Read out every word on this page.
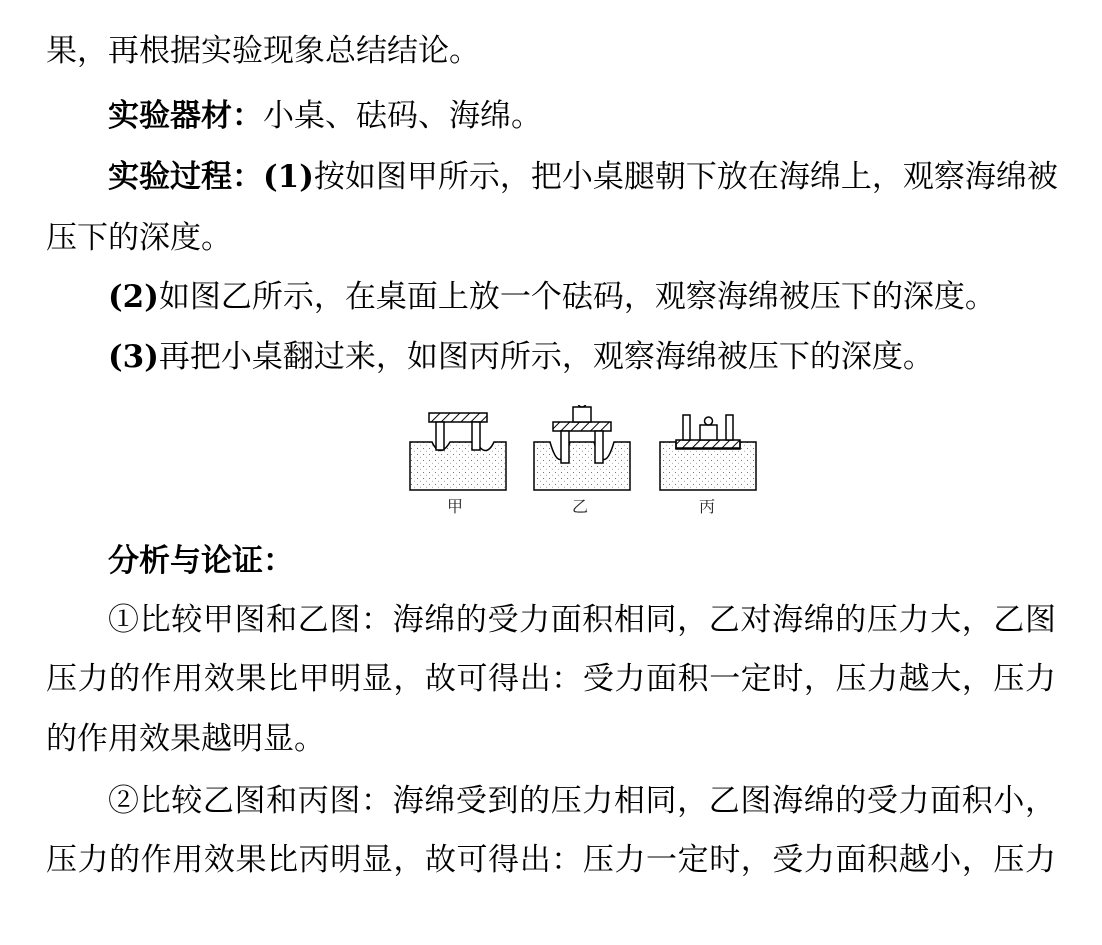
果，再根据实验现象总结结论。
实验器材：小桌、砝码、海绵。
实验过程：(1)按如图甲所示，把小桌腿朝下放在海绵上，观察海绵被
压下的深度。
(2)如图乙所示，在桌面上放一个砝码，观察海绵被压下的深度。
(3)再把小桌翻过来，如图丙所示，观察海绵被压下的深度。
甲	乙	丙
分析与论证：
①比较甲图和乙图：海绵的受力面积相同，乙对海绵的压力大，乙图
压力的作用效果比甲明显，故可得出：受力面积一定时，压力越大，压力
的作用效果越明显。
②比较乙图和丙图：海绵受到的压力相同，乙图海绵的受力面积小，
压力的作用效果比丙明显，故可得出：压力一定时，受力面积越小，压力
